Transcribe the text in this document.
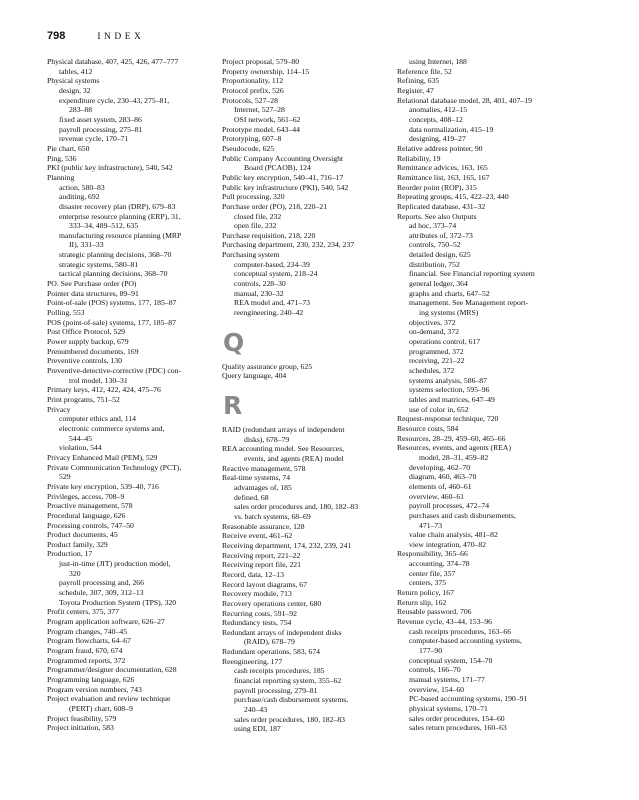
798	INDEX
Physical database, 407, 425, 426, 477–777
tables, 412
Physical systems
design, 32
expenditure cycle, 230–43, 275–81,
283–88
fixed asset system, 283–86
payroll processing, 275–81
revenue cycle, 170–71
Pie chart, 650
Ping, 536
PKI (public key infrastructure), 540, 542
Planning
action, 580–83
auditing, 692
disaster recovery plan (DRP), 679–83
enterprise resource planning (ERP), 31,
333–34, 489–512, 635
manufacturing resource planning (MRP
II), 331–33
strategic planning decisions, 368–70
strategic systems, 580–81
tactical planning decisions, 368–70
PO. See Purchase order (PO)
Pointer data structures, 89–91
Point-of-sale (POS) systems, 177, 185–87
Polling, 553
POS (point-of-sale) systems, 177, 185–87
Post Office Protocol, 529
Power supply backup, 679
Prenumbered documents, 169
Preventive controls, 130
Preventive-detective-corrective (PDC) con-
trol model, 130–31
Primary keys, 412, 422, 424, 475–76
Print programs, 751–52
Privacy
computer ethics and, 114
electronic commerce systems and,
544–45
violation, 544
Privacy Enhanced Mail (PEM), 529
Private Communication Technology (PCT),
529
Private key encryption, 539–40, 716
Privileges, access, 708–9
Proactive management, 578
Procedural language, 626
Processing controls, 747–50
Product documents, 45
Product family, 329
Production, 17
just-in-time (JIT) production model,
320
payroll processing and, 266
schedule, 307, 309, 312–13
Toyota Production System (TPS), 320
Profit centers, 375, 377
Program application software, 626–27
Program changes, 740–45
Program flowcharts, 64–67
Program fraud, 670, 674
Programmed reports, 372
Programmer/designer documentation, 628
Programming language, 626
Program version numbers, 743
Project evaluation and review technique
(PERT) chart, 608–9
Project feasibility, 579
Project initiation, 583
Project proposal, 579–80
Property ownership, 114–15
Proportionality, 112
Protocol prefix, 526
Protocols, 527–28
Internet, 527–28
OSI network, 561–62
Prototype model, 643–44
Prototyping, 607–8
Pseudocode, 625
Public Company Accounting Oversight
Board (PCAOB), 124
Public key encryption, 540–41, 716–17
Public key infrastructure (PKI), 540, 542
Pull processing, 320
Purchase order (PO), 218, 220–21
closed file, 232
open file, 232
Purchase requisition, 218, 220
Purchasing department, 230, 232, 234, 237
Purchasing system
computer-based, 234–39
conceptual system, 218–24
controls, 228–30
manual, 230–32
REA model and, 471–73
reengineering, 240–42
Q
Quality assurance group, 625
Query language, 404
R
RAID (redundant arrays of independent
disks), 678–79
REA accounting model. See Resources,
events, and agents (REA) model
Reactive management, 578
Real-time systems, 74
advantages of, 185
defined, 68
sales order procedures and, 180, 182–83
vs. batch systems, 68–69
Reasonable assurance, 128
Receive event, 461–62
Receiving department, 174, 232, 239, 241
Receiving report, 221–22
Receiving report file, 221
Record, data, 12–13
Record layout diagrams, 67
Recovery module, 713
Recovery operations center, 680
Recurring costs, 591–92
Redundancy tests, 754
Redundant arrays of independent disks
(RAID), 678–79
Redundant operations, 583, 674
Reengineering, 177
cash receipts procedures, 185
financial reporting system, 355–62
payroll processing, 279–81
purchase/cash disbursement systems,
240–43
sales order procedures, 180, 182–83
using EDI, 187
using Internet, 188
Reference file, 52
Refining, 635
Register, 47
Relational database model, 28, 401, 407–19
anomalies, 412–15
concepts, 408–12
data normalization, 415–19
designing, 419–27
Relative address pointer, 90
Reliability, 19
Remittance advices, 163, 165
Remittance list, 163, 165, 167
Reorder point (ROP), 315
Repeating groups, 415, 422–23, 440
Replicated database, 431–32
Reports. See also Outputs
ad hoc, 373–74
attributes of, 372–73
controls, 750–52
detailed design, 625
distribution, 752
financial. See Financial reporting system
general ledger, 364
graphs and charts, 647–52
management. See Management report-
ing systems (MRS)
objectives, 372
on-demand, 372
operations control, 617
programmed, 372
receiving, 221–22
schedules, 372
systems analysis, 586–87
systems selection, 595–96
tables and matrices, 647–49
use of color in, 652
Request-response technique, 720
Resource costs, 584
Resources, 28–29, 459–60, 465–66
Resources, events, and agents (REA)
model, 28–31, 459–82
developing, 462–70
diagram, 460, 463–70
elements of, 460–61
overview, 460–61
payroll processes, 472–74
purchases and cash disbursements,
471–73
value chain analysis, 481–82
view integration, 470–82
Responsibility, 365–66
accounting, 374–78
center file, 357
centers, 375
Return policy, 167
Return slip, 162
Reusable password, 706
Revenue cycle, 43–44, 153–96
cash receipts procedures, 163–66
computer-based accounting systems,
177–90
conceptual system, 154–70
controls, 166–70
manual systems, 171–77
overview, 154–60
PC-based accounting systems, 190–91
physical systems, 170–71
sales order procedures, 154–60
sales return procedures, 160–63
